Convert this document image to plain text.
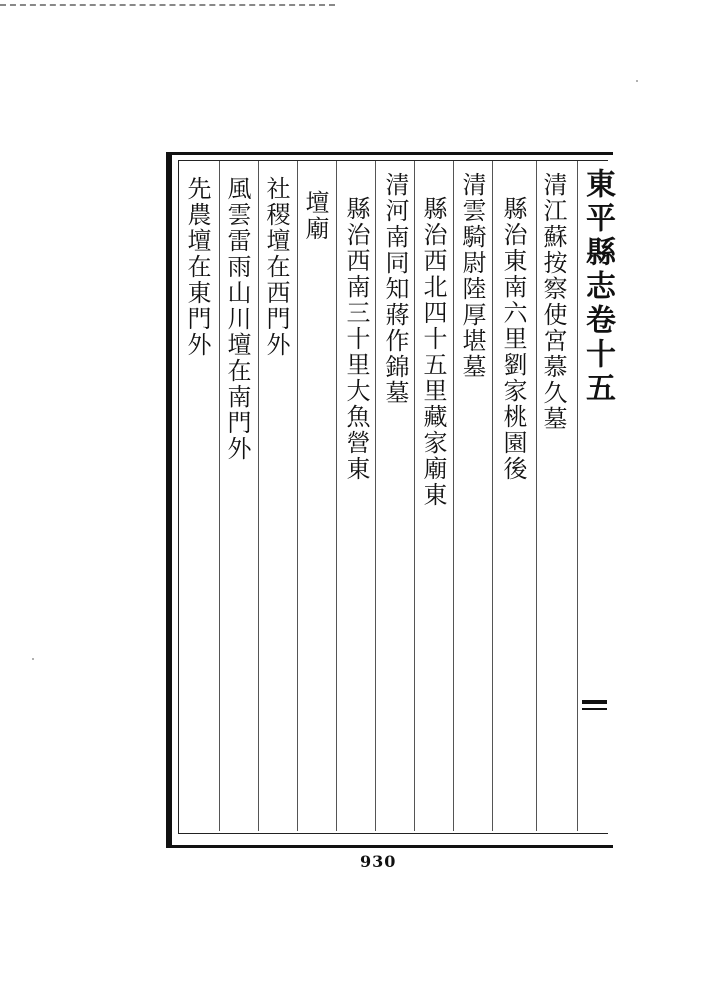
東平縣志卷十五
清江蘇按察使宮慕久墓
縣治東南六里劉家桃園後
清雲騎尉陸厚堪墓
縣治西北四十五里藏家廟東
清河南同知蔣作錦墓
縣治西南三十里大魚營東
壇廟
社稷壇在西門外
風雲雷雨山川壇在南門外
先農壇在東門外
930
